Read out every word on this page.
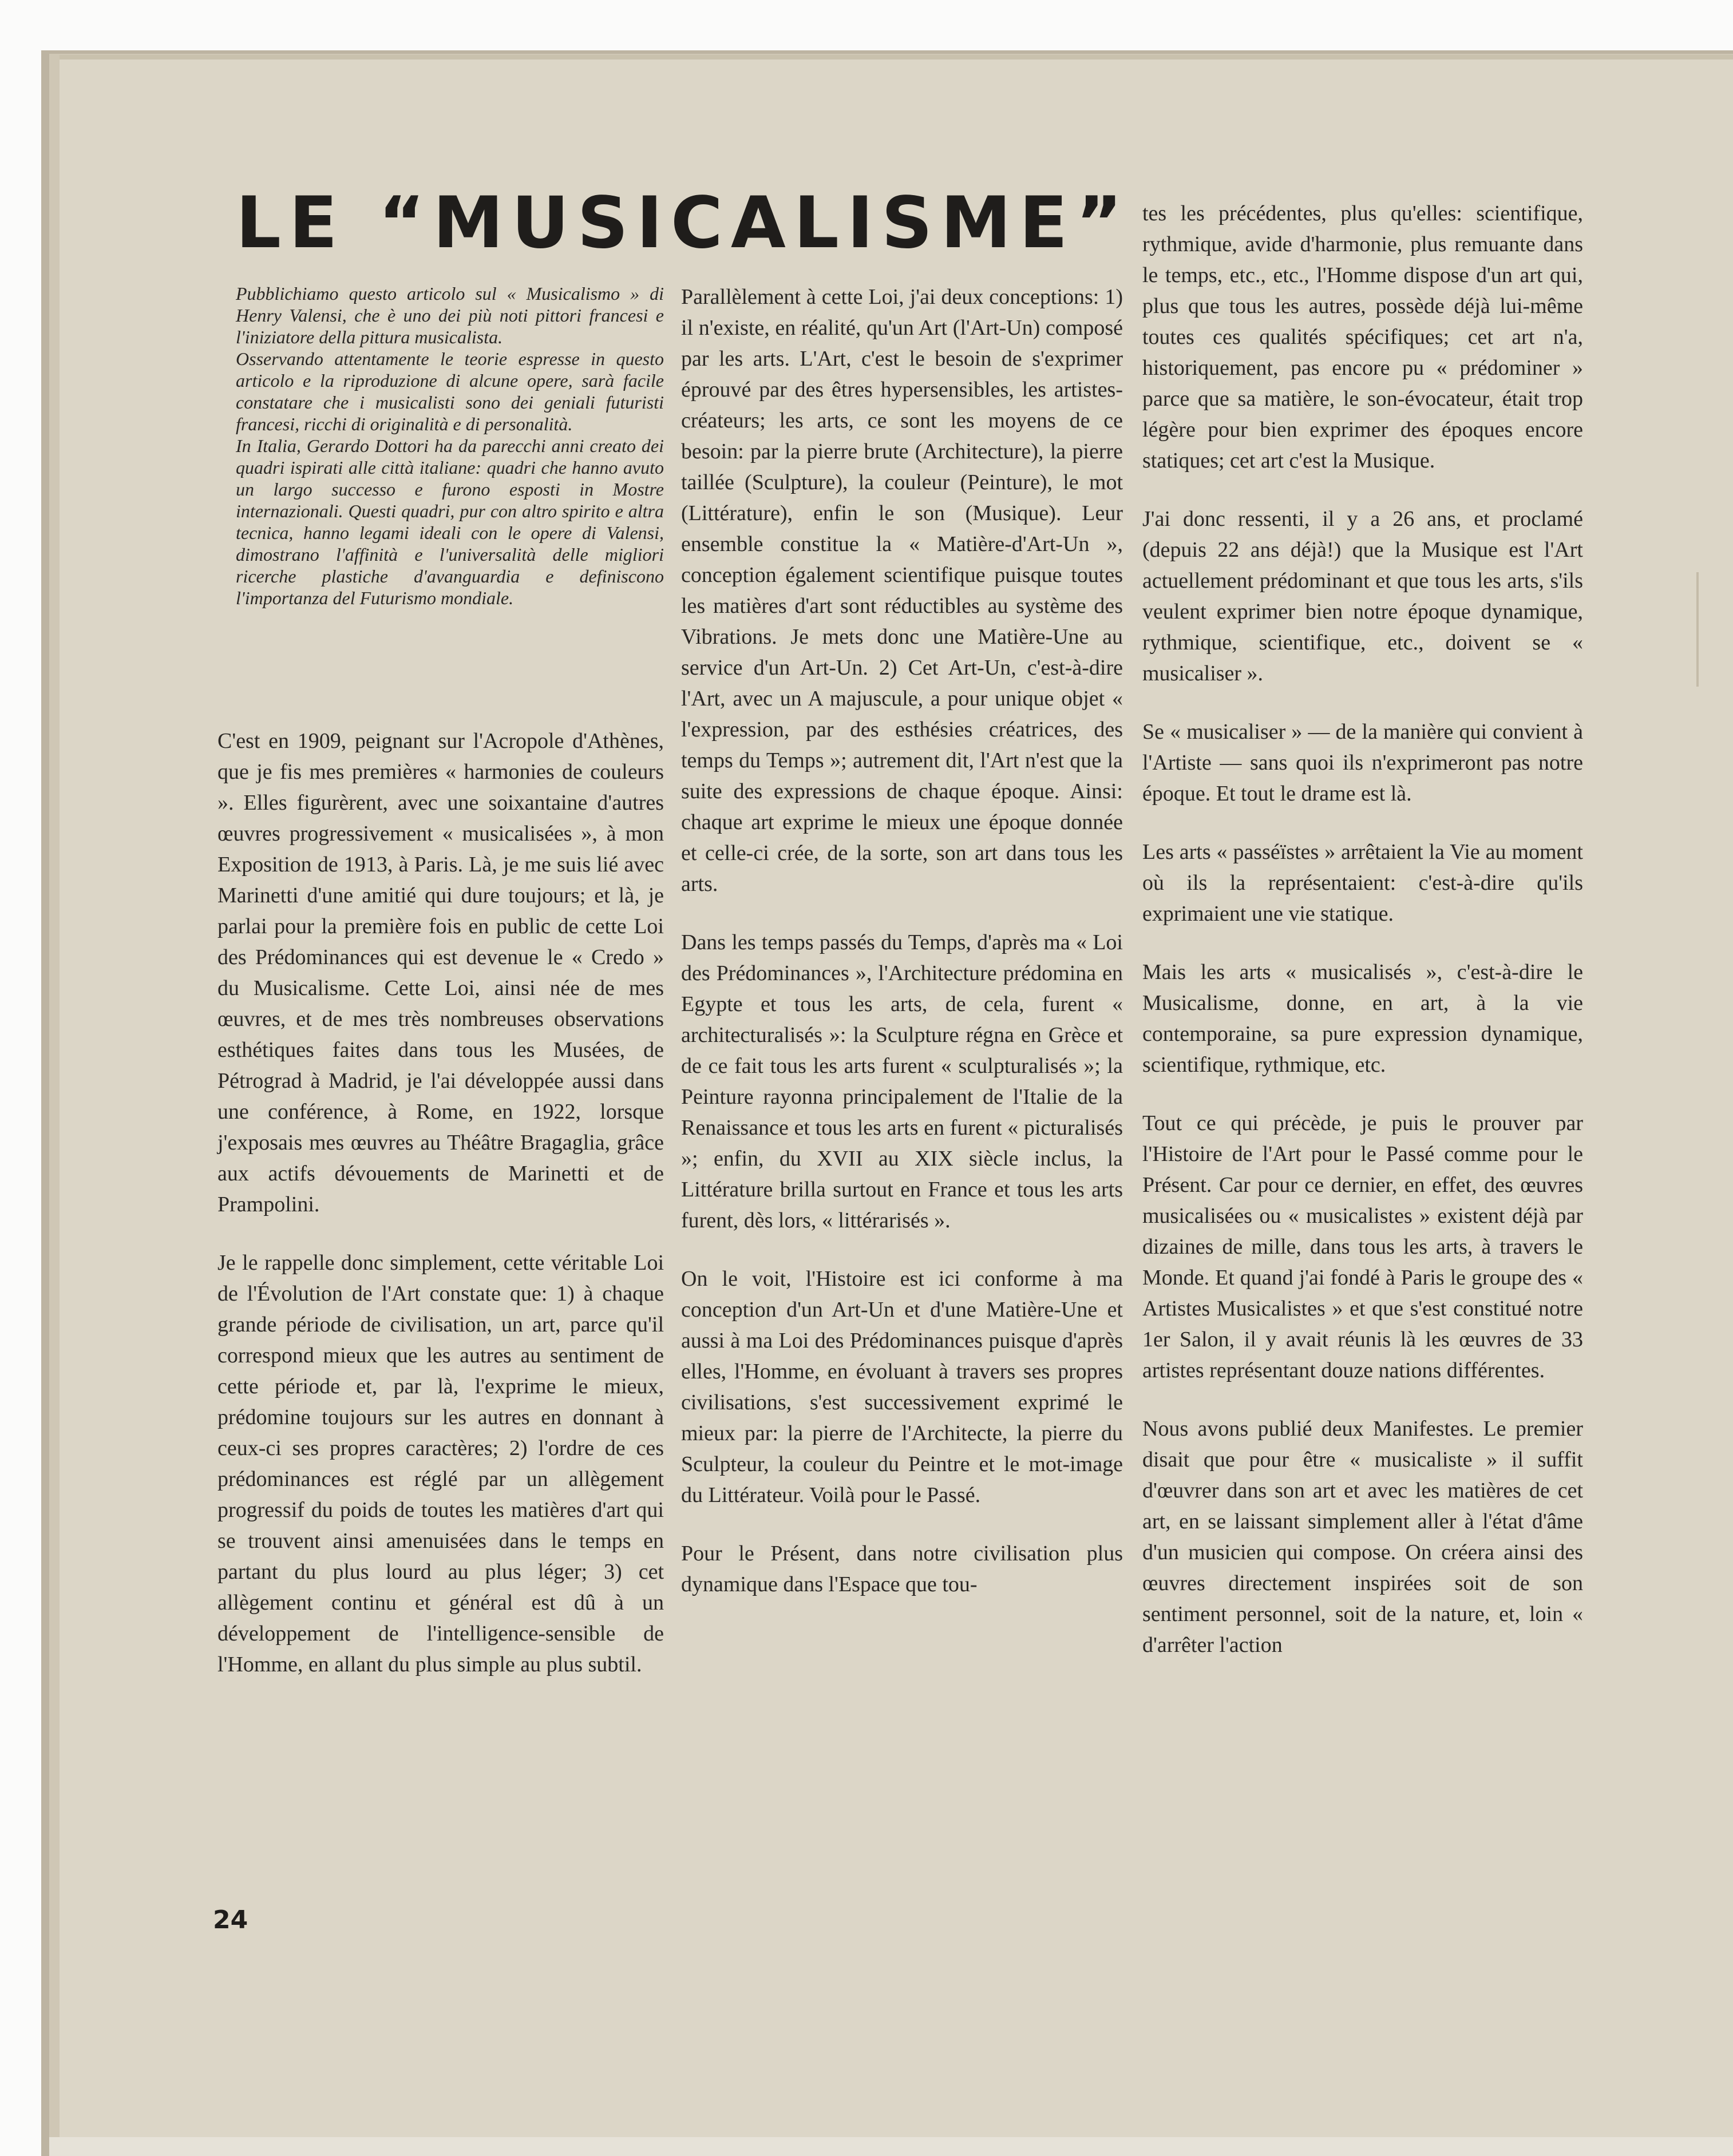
LE “MUSICALISME”

Pubblichiamo questo articolo sul « Musicalismo » di Henry Valensi, che è uno dei più noti pittori francesi e l'iniziatore della pittura musicalista.

Osservando attentamente le teorie espresse in questo articolo e la riproduzione di alcune opere, sarà facile constatare che i musicalisti sono dei geniali futuristi francesi, ricchi di originalità e di personalità.

In Italia, Gerardo Dottori ha da parecchi anni creato dei quadri ispirati alle città italiane: quadri che hanno avuto un largo successo e furono esposti in Mostre internazionali. Questi quadri, pur con altro spirito e altra tecnica, hanno legami ideali con le opere di Valensi, dimostrano l'affinità e l'universalità delle migliori ricerche plastiche d'avanguardia e definiscono l'importanza del Futurismo mondiale.

C'est en 1909, peignant sur l'Acropole d'Athènes, que je fis mes premières « harmonies de couleurs ». Elles figurèrent, avec une soixantaine d'autres œuvres progressivement « musicalisées », à mon Exposition de 1913, à Paris. Là, je me suis lié avec Marinetti d'une amitié qui dure toujours; et là, je parlai pour la première fois en public de cette Loi des Prédominances qui est devenue le « Credo » du Musicalisme. Cette Loi, ainsi née de mes œuvres, et de mes très nombreuses observations esthétiques faites dans tous les Musées, de Pétrograd à Madrid, je l'ai développée aussi dans une conférence, à Rome, en 1922, lorsque j'exposais mes œuvres au Théâtre Bragaglia, grâce aux actifs dévouements de Marinetti et de Prampolini.

Je le rappelle donc simplement, cette véritable Loi de l'Évolution de l'Art constate que: 1) à chaque grande période de civilisation, un art, parce qu'il correspond mieux que les autres au sentiment de cette période et, par là, l'exprime le mieux, prédomine toujours sur les autres en donnant à ceux-ci ses propres caractères; 2) l'ordre de ces prédominances est réglé par un allègement progressif du poids de toutes les matières d'art qui se trouvent ainsi amenuisées dans le temps en partant du plus lourd au plus léger; 3) cet allègement continu et général est dû à un développement de l'intelligence-sensible de l'Homme, en allant du plus simple au plus subtil.

Parallèlement à cette Loi, j'ai deux conceptions: 1) il n'existe, en réalité, qu'un Art (l'Art-Un) composé par les arts. L'Art, c'est le besoin de s'exprimer éprouvé par des êtres hypersensibles, les artistes-créateurs; les arts, ce sont les moyens de ce besoin: par la pierre brute (Architecture), la pierre taillée (Sculpture), la couleur (Peinture), le mot (Littérature), enfin le son (Musique). Leur ensemble constitue la « Matière-d'Art-Un », conception également scientifique puisque toutes les matières d'art sont réductibles au système des Vibrations. Je mets donc une Matière-Une au service d'un Art-Un. 2) Cet Art-Un, c'est-à-dire l'Art, avec un A majuscule, a pour unique objet « l'expression, par des esthésies créatrices, des temps du Temps »; autrement dit, l'Art n'est que la suite des expressions de chaque époque. Ainsi: chaque art exprime le mieux une époque donnée et celle-ci crée, de la sorte, son art dans tous les arts.

Dans les temps passés du Temps, d'après ma « Loi des Prédominances », l'Architecture prédomina en Egypte et tous les arts, de cela, furent « architecturalisés »: la Sculpture régna en Grèce et de ce fait tous les arts furent « sculpturalisés »; la Peinture rayonna principalement de l'Italie de la Renaissance et tous les arts en furent « picturalisés »; enfin, du XVII au XIX siècle inclus, la Littérature brilla surtout en France et tous les arts furent, dès lors, « littérarisés ».

On le voit, l'Histoire est ici conforme à ma conception d'un Art-Un et d'une Matière-Une et aussi à ma Loi des Prédominances puisque d'après elles, l'Homme, en évoluant à travers ses propres civilisations, s'est successivement exprimé le mieux par: la pierre de l'Architecte, la pierre du Sculpteur, la couleur du Peintre et le mot-image du Littérateur. Voilà pour le Passé.

Pour le Présent, dans notre civilisation plus dynamique dans l'Espace que tou-

tes les précédentes, plus qu'elles: scientifique, rythmique, avide d'harmonie, plus remuante dans le temps, etc., etc., l'Homme dispose d'un art qui, plus que tous les autres, possède déjà lui-même toutes ces qualités spécifiques; cet art n'a, historiquement, pas encore pu « prédominer » parce que sa matière, le son-évocateur, était trop légère pour bien exprimer des époques encore statiques; cet art c'est la Musique.

J'ai donc ressenti, il y a 26 ans, et proclamé (depuis 22 ans déjà!) que la Musique est l'Art actuellement prédominant et que tous les arts, s'ils veulent exprimer bien notre époque dynamique, rythmique, scientifique, etc., doivent se « musicaliser ».

Se « musicaliser » — de la manière qui convient à l'Artiste — sans quoi ils n'exprimeront pas notre époque. Et tout le drame est là.

Les arts « passéïstes » arrêtaient la Vie au moment où ils la représentaient: c'est-à-dire qu'ils exprimaient une vie statique.

Mais les arts « musicalisés », c'est-à-dire le Musicalisme, donne, en art, à la vie contemporaine, sa pure expression dynamique, scientifique, rythmique, etc.

Tout ce qui précède, je puis le prouver par l'Histoire de l'Art pour le Passé comme pour le Présent. Car pour ce dernier, en effet, des œuvres musicalisées ou « musicalistes » existent déjà par dizaines de mille, dans tous les arts, à travers le Monde. Et quand j'ai fondé à Paris le groupe des « Artistes Musicalistes » et que s'est constitué notre 1er Salon, il y avait réunis là les œuvres de 33 artistes représentant douze nations différentes.

Nous avons publié deux Manifestes. Le premier disait que pour être « musicaliste » il suffit d'œuvrer dans son art et avec les matières de cet art, en se laissant simplement aller à l'état d'âme d'un musicien qui compose. On créera ainsi des œuvres directement inspirées soit de son sentiment personnel, soit de la nature, et, loin « d'arrêter l'action

24
